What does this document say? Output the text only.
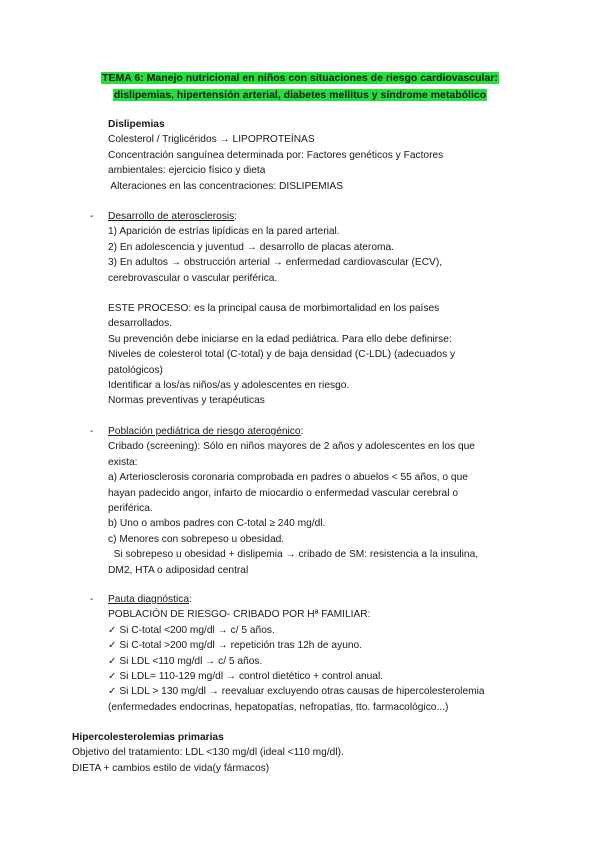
TEMA 6: Manejo nutricional en niños con situaciones de riesgo cardiovascular:
dislipemias, hipertensión arterial, diabetes mellitus y síndrome metabólico
Dislipemias
Colesterol / Triglicéridos → LIPOPROTEÍNAS
Concentración sanguínea determinada por: Factores genéticos y Factores
ambientales: ejercicio físico y dieta
Alteraciones en las concentraciones: DISLIPEMIAS
- Desarrollo de aterosclerosis:
1) Aparición de estrías lipídicas en la pared arterial.
2) En adolescencia y juventud → desarrollo de placas ateroma.
3) En adultos → obstrucción arterial → enfermedad cardiovascular (ECV),
cerebrovascular o vascular periférica.
ESTE PROCESO: es la principal causa de morbimortalidad en los países
desarrollados.
Su prevención debe iniciarse en la edad pediátrica. Para ello debe definirse:
Niveles de colesterol total (C-total) y de baja densidad (C-LDL) (adecuados y
patológicos)
Identificar a los/as niños/as y adolescentes en riesgo.
Normas preventivas y terapéuticas
- Población pediátrica de riesgo aterogénico:
Cribado (screening): Sólo en niños mayores de 2 años y adolescentes en los que
exista:
a) Arteriosclerosis coronaria comprobada en padres o abuelos < 55 años, o que
hayan padecido angor, infarto de miocardio o enfermedad vascular cerebral o
periférica.
b) Uno o ambos padres con C-total ≥ 240 mg/dl.
c) Menores con sobrepeso u obesidad.
Si sobrepeso u obesidad + dislipemia → cribado de SM: resistencia a la insulina,
DM2, HTA o adiposidad central
- Pauta diagnóstica:
POBLACIÓN DE RIESGO- CRIBADO POR Hª FAMILIAR:
✓ Si C-total <200 mg/dl → c/ 5 años.
✓ Si C-total >200 mg/dl → repetición tras 12h de ayuno.
✓ Si LDL <110 mg/dl → c/ 5 años.
✓ Si LDL= 110-129 mg/dl → control dietético + control anual.
✓ Si LDL > 130 mg/dl → reevaluar excluyendo otras causas de hipercolesterolemia
(enfermedades endocrinas, hepatopatías, nefropatías, tto. farmacológico...)
Hipercolesterolemias primarias
Objetivo del tratamiento: LDL <130 mg/dl (ideal <110 mg/dl).
DIETA + cambios estilo de vida(y fármacos)
